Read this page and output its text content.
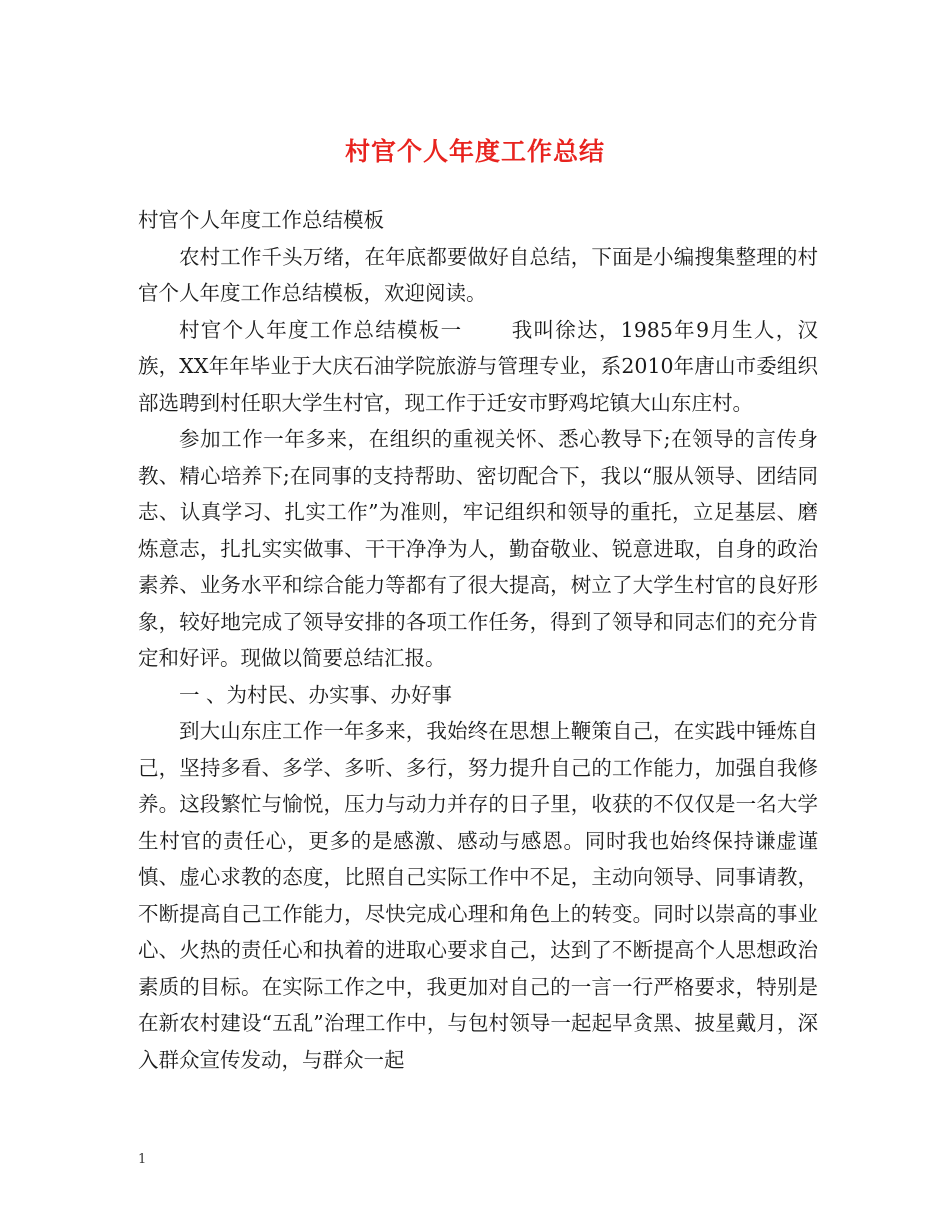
村官个人年度工作总结

村官个人年度工作总结模板

农村工作千头万绪，在年底都要做好自总结，下面是小编搜集整理的村官个人年度工作总结模板，欢迎阅读。

村官个人年度工作总结模板一 我叫徐达，1985年9月生人，汉族，XX年年毕业于大庆石油学院旅游与管理专业，系2010年唐山市委组织部选聘到村任职大学生村官，现工作于迁安市野鸡坨镇大山东庄村。

参加工作一年多来，在组织的重视关怀、悉心教导下;在领导的言传身教、精心培养下;在同事的支持帮助、密切配合下，我以“服从领导、团结同志、认真学习、扎实工作”为准则，牢记组织和领导的重托，立足基层、磨炼意志，扎扎实实做事、干干净净为人，勤奋敬业、锐意进取，自身的政治素养、业务水平和综合能力等都有了很大提高，树立了大学生村官的良好形象，较好地完成了领导安排的各项工作任务，得到了领导和同志们的充分肯定和好评。现做以简要总结汇报。

一 、为村民、办实事、办好事

到大山东庄工作一年多来，我始终在思想上鞭策自己，在实践中锤炼自己，坚持多看、多学、多听、多行，努力提升自己的工作能力，加强自我修养。这段繁忙与愉悦，压力与动力并存的日子里，收获的不仅仅是一名大学生村官的责任心，更多的是感激、感动与感恩。同时我也始终保持谦虚谨慎、虚心求教的态度，比照自己实际工作中不足，主动向领导、同事请教，不断提高自己工作能力，尽快完成心理和角色上的转变。同时以崇高的事业心、火热的责任心和执着的进取心要求自己，达到了不断提高个人思想政治素质的目标。在实际工作之中，我更加对自己的一言一行严格要求，特别是在新农村建设“五乱”治理工作中，与包村领导一起起早贪黑、披星戴月，深入群众宣传发动，与群众一起

1
